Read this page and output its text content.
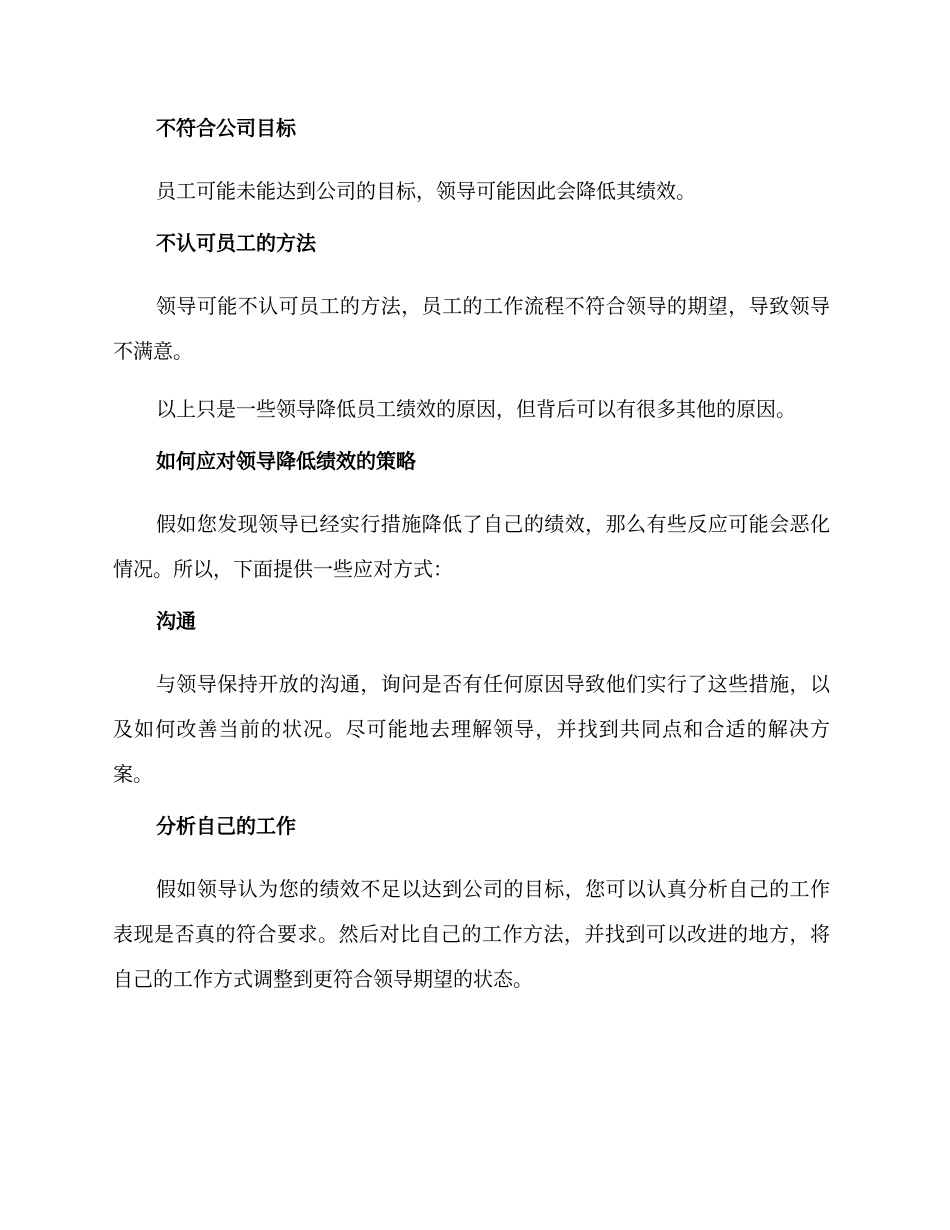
不符合公司目标

员工可能未能达到公司的目标，领导可能因此会降低其绩效。

不认可员工的方法

领导可能不认可员工的方法，员工的工作流程不符合领导的期望，导致领导不满意。

以上只是一些领导降低员工绩效的原因，但背后可以有很多其他的原因。

如何应对领导降低绩效的策略

假如您发现领导已经实行措施降低了自己的绩效，那么有些反应可能会恶化情况。所以，下面提供一些应对方式：

沟通

与领导保持开放的沟通，询问是否有任何原因导致他们实行了这些措施，以及如何改善当前的状况。尽可能地去理解领导，并找到共同点和合适的解决方案。

分析自己的工作

假如领导认为您的绩效不足以达到公司的目标，您可以认真分析自己的工作表现是否真的符合要求。然后对比自己的工作方法，并找到可以改进的地方，将自己的工作方式调整到更符合领导期望的状态。
